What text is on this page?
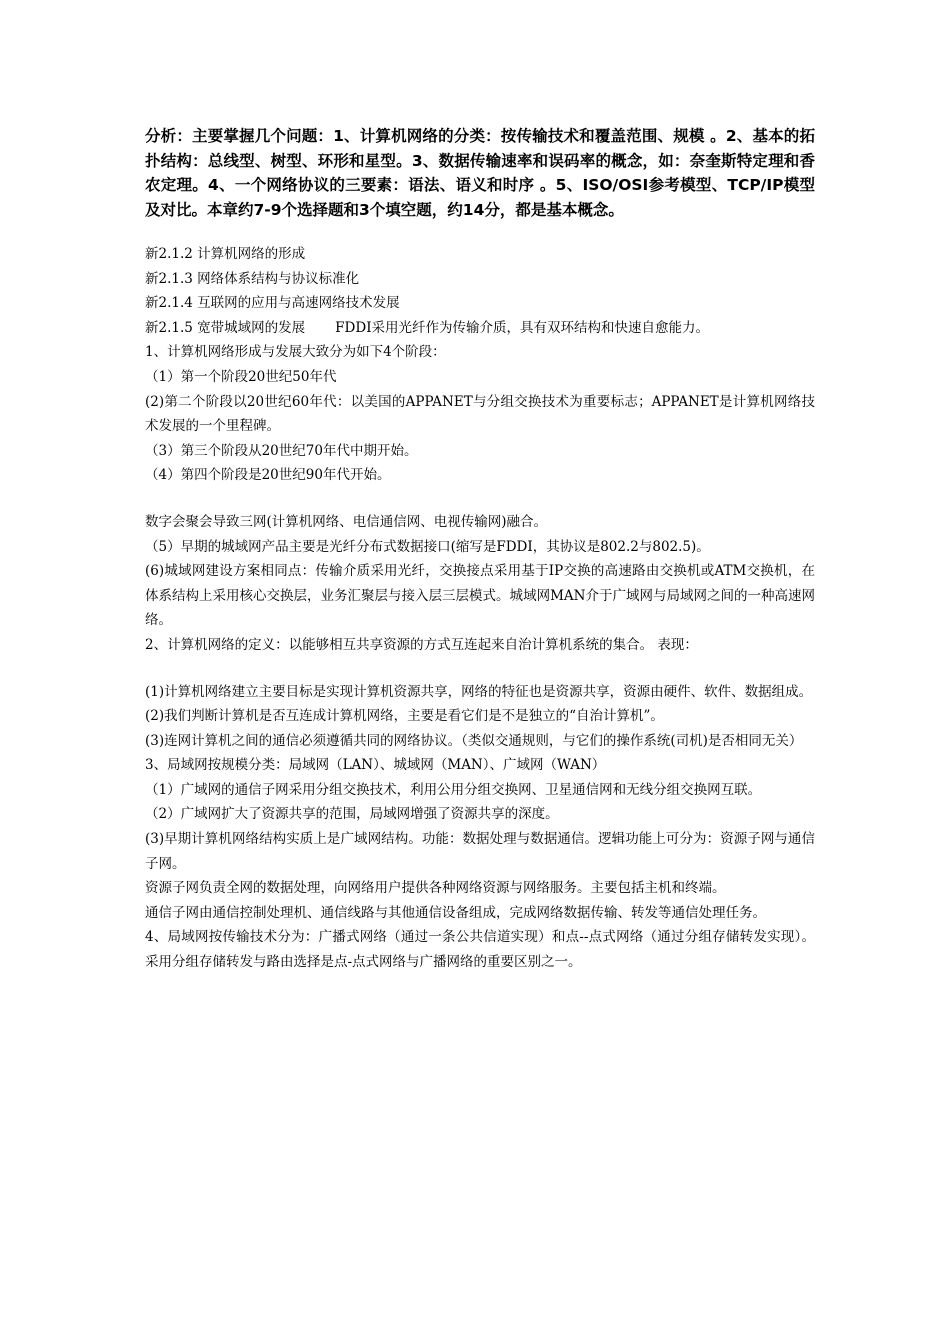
分析：主要掌握几个问题：1、计算机网络的分类：按传输技术和覆盖范围、规模 。2、基本的拓扑结构：总线型、树型、环形和星型。3、数据传输速率和误码率的概念，如：奈奎斯特定理和香农定理。4、一个网络协议的三要素：语法、语义和时序 。5、ISO/OSI参考模型、TCP/IP模型及对比。本章约7-9个选择题和3个填空题，约14分，都是基本概念。

新2.1.2 计算机网络的形成

新2.1.3 网络体系结构与协议标准化

新2.1.4 互联网的应用与高速网络技术发展

新2.1.5 宽带城域网的发展       FDDI采用光纤作为传输介质，具有双环结构和快速自愈能力。

1、计算机网络形成与发展大致分为如下4个阶段：

（1）第一个阶段20世纪50年代

(2)第二个阶段以20世纪60年代：以美国的APPANET与分组交换技术为重要标志；APPANET是计算机网络技术发展的一个里程碑。

（3）第三个阶段从20世纪70年代中期开始。

（4）第四个阶段是20世纪90年代开始。

数字会聚会导致三网(计算机网络、电信通信网、电视传输网)融合。

（5）早期的城域网产品主要是光纤分布式数据接口(缩写是FDDI，其协议是802.2与802.5)。

(6)城域网建设方案相同点：传输介质采用光纤，交换接点采用基于IP交换的高速路由交换机或ATM交换机，在体系结构上采用核心交换层，业务汇聚层与接入层三层模式。城域网MAN介于广域网与局域网之间的一种高速网络。

2、计算机网络的定义：以能够相互共享资源的方式互连起来自治计算机系统的集合。 表现：

(1)计算机网络建立主要目标是实现计算机资源共享，网络的特征也是资源共享，资源由硬件、软件、数据组成。

(2)我们判断计算机是否互连成计算机网络，主要是看它们是不是独立的“自治计算机”。

(3)连网计算机之间的通信必须遵循共同的网络协议。（类似交通规则，与它们的操作系统(司机)是否相同无关）

3、局域网按规模分类：局域网（LAN）、城域网（MAN）、广域网（WAN）

（1）广域网的通信子网采用分组交换技术，利用公用分组交换网、卫星通信网和无线分组交换网互联。

（2）广域网扩大了资源共享的范围，局域网增强了资源共享的深度。

(3)早期计算机网络结构实质上是广域网结构。功能：数据处理与数据通信。逻辑功能上可分为：资源子网与通信子网。

资源子网负责全网的数据处理，向网络用户提供各种网络资源与网络服务。主要包括主机和终端。

通信子网由通信控制处理机、通信线路与其他通信设备组成，完成网络数据传输、转发等通信处理任务。

4、局域网按传输技术分为：广播式网络（通过一条公共信道实现）和点--点式网络（通过分组存储转发实现）。采用分组存储转发与路由选择是点-点式网络与广播网络的重要区别之一。
